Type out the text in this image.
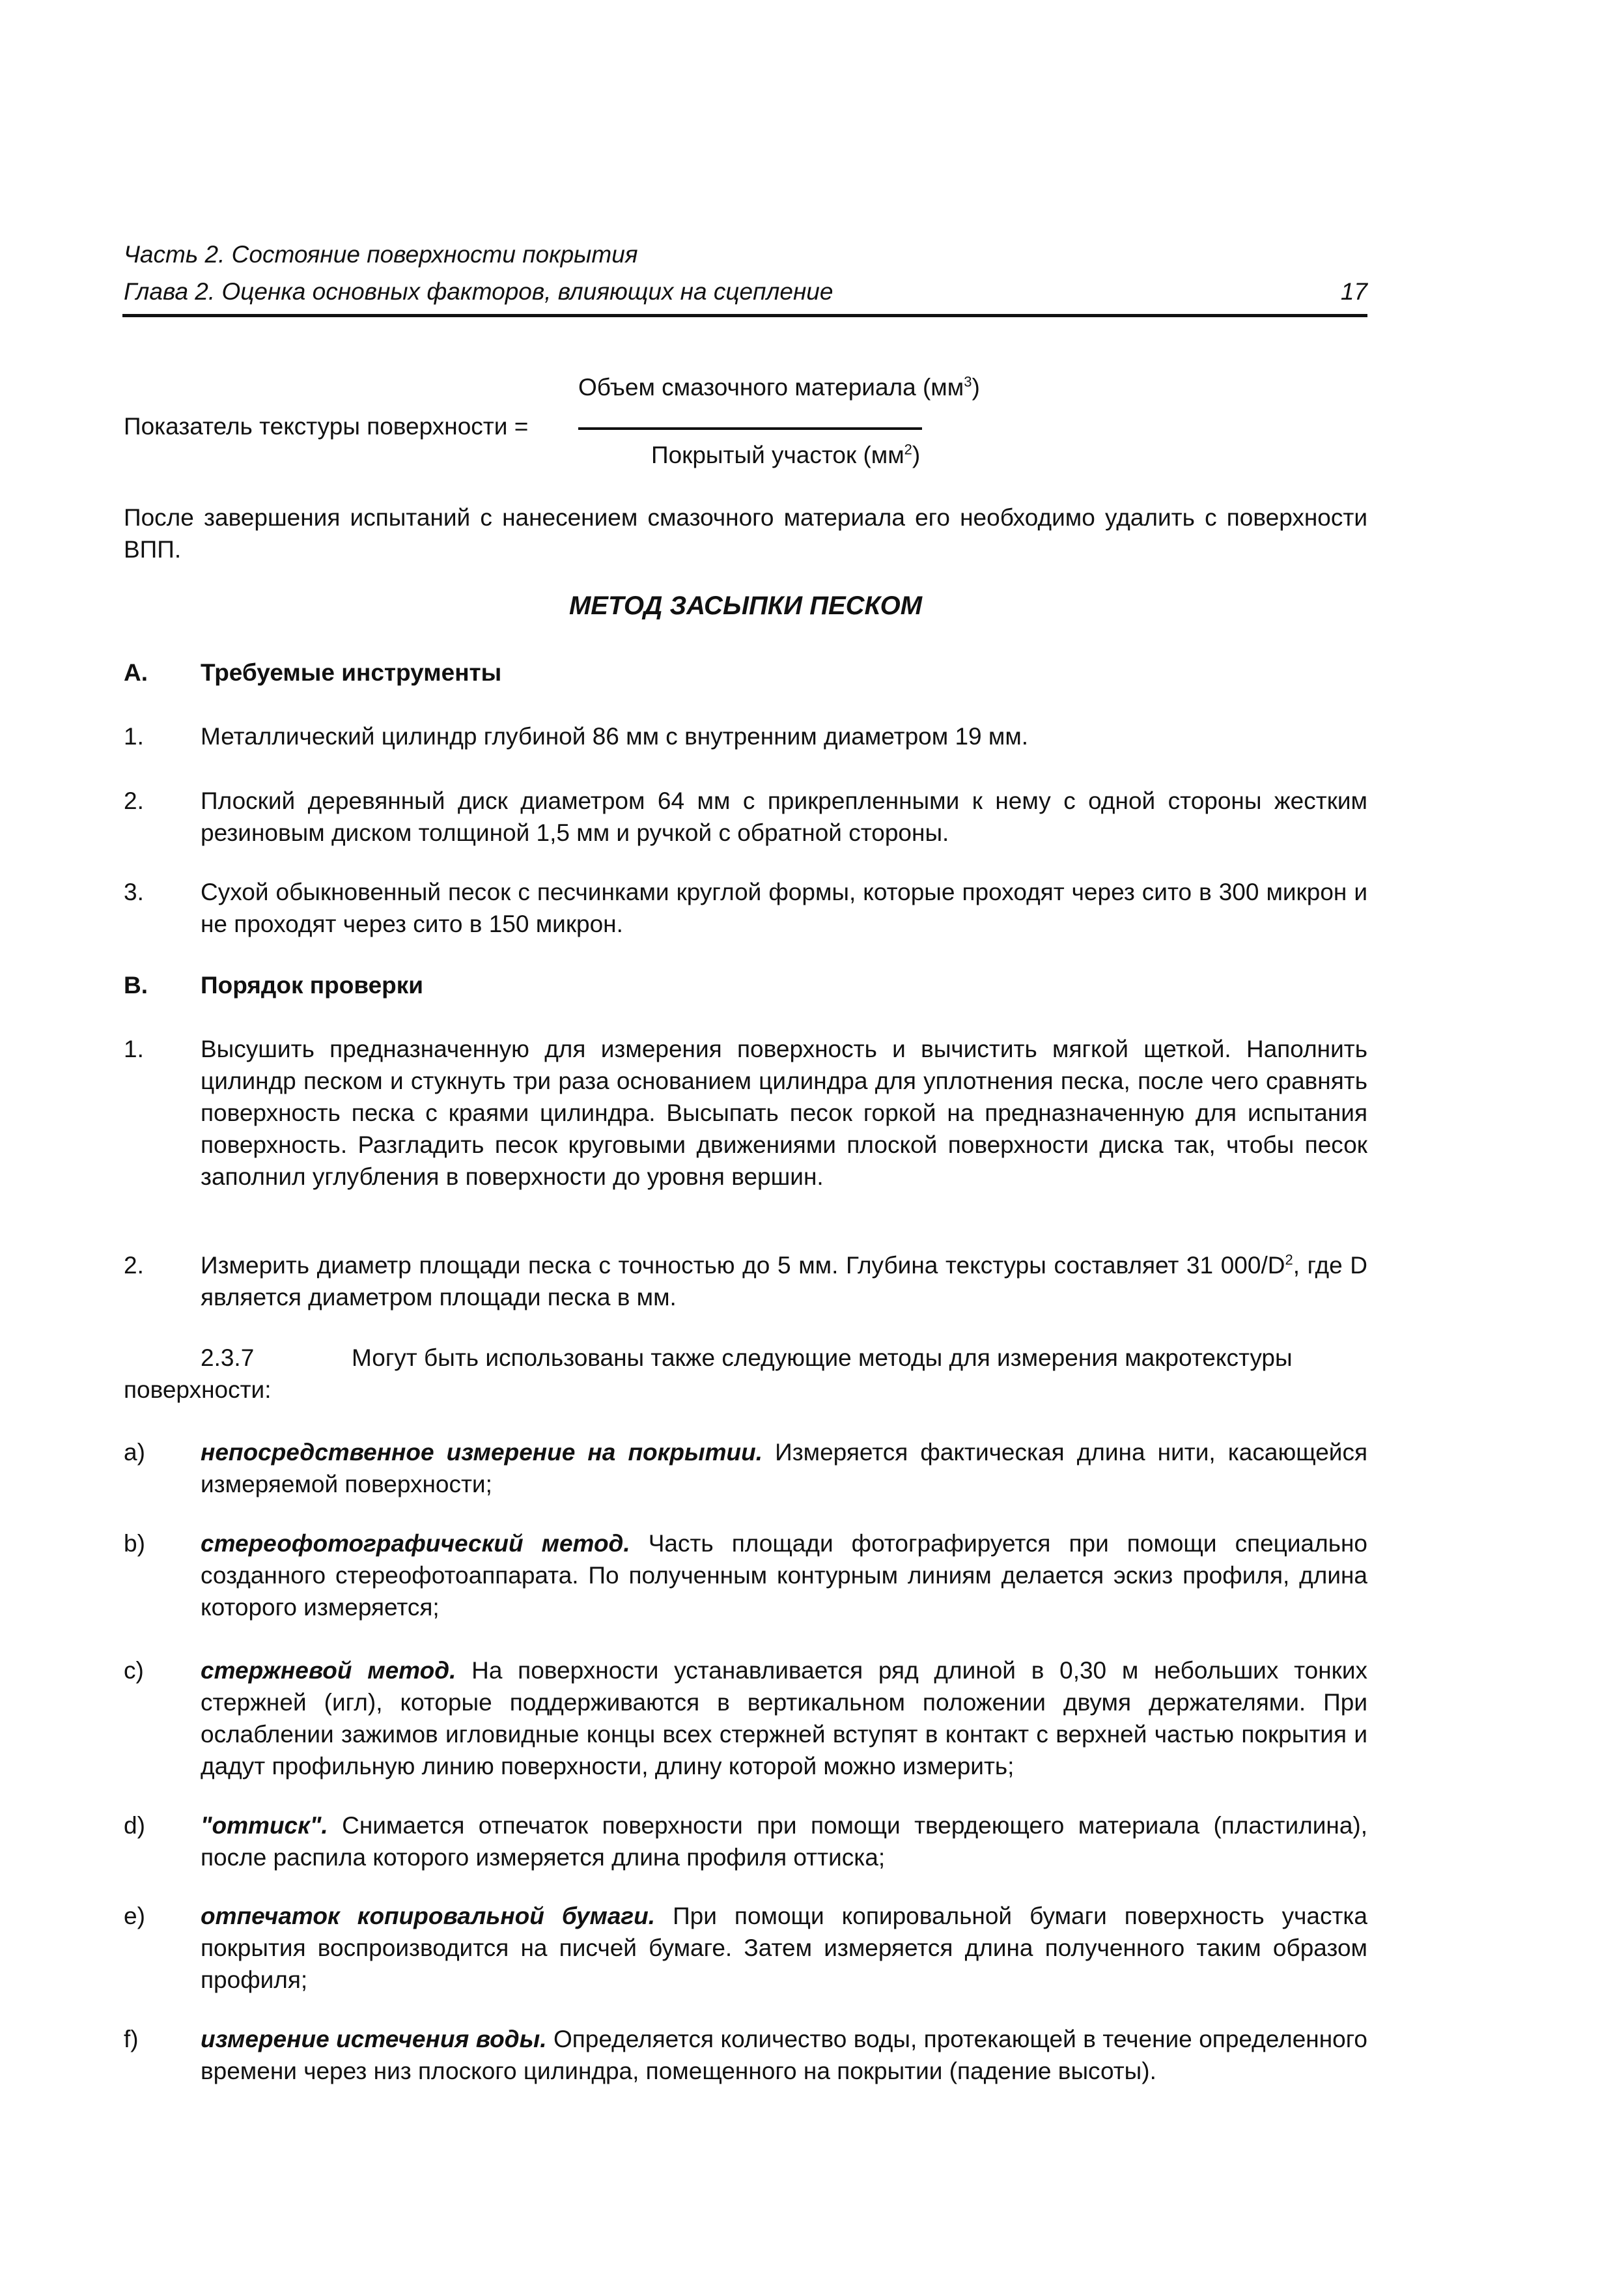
Часть 2. Состояние поверхности покрытия
Глава 2. Оценка основных факторов, влияющих на сцепление	17
Объем смазочного материала $(мм^3)$
Показатель текстуры поверхности =
Покрытый участок $(мм^2)$
После завершения испытаний с нанесением смазочного материала его необходимо удалить с поверхности ВПП.
МЕТОД ЗАСЫПКИ ПЕСКОМ
A. Требуемые инструменты
1. Металлический цилиндр глубиной 86 мм с внутренним диаметром 19 мм.
2. Плоский деревянный диск диаметром 64 мм с прикрепленными к нему с одной стороны жестким резиновым диском толщиной 1,5 мм и ручкой с обратной стороны.
3. Сухой обыкновенный песок с песчинками круглой формы, которые проходят через сито в 300 микрон и не проходят через сито в 150 микрон.
B. Порядок проверки
1. Высушить предназначенную для измерения поверхность и вычистить мягкой щеткой. Наполнить цилиндр песком и стукнуть три раза основанием цилиндра для уплотнения песка, после чего сравнять поверхность песка с краями цилиндра. Высыпать песок горкой на предназначенную для испытания поверхность. Разгладить песок круговыми движениями плоской поверхности диска так, чтобы песок заполнил углубления в поверхности до уровня вершин.
2. Измерить диаметр площади песка с точностью до 5 мм. Глубина текстуры составляет 31 $000/D^2$, где D является диаметром площади песка в мм.
2.3.7	Могут быть использованы также следующие методы для измерения макротекстуры
поверхности:
a) непосредственное измерение на покрытии. Измеряется фактическая длина нити, касающейся измеряемой поверхности;
b) стереофотографический метод. Часть площади фотографируется при помощи специально созданного стереофотоаппарата. По полученным контурным линиям делается эскиз профиля, длина которого измеряется;
c) стержневой метод. На поверхности устанавливается ряд длиной в 0,30 м небольших тонких стержней (игл), которые поддерживаются в вертикальном положении двумя держателями. При ослаблении зажимов игловидные концы всех стержней вступят в контакт с верхней частью покрытия и дадут профильную линию поверхности, длину которой можно измерить;
d) "оттиск". Снимается отпечаток поверхности при помощи твердеющего материала (пластилина), после распила которого измеряется длина профиля оттиска;
e) отпечаток копировальной бумаги. При помощи копировальной бумаги поверхность участка покрытия воспроизводится на писчей бумаге. Затем измеряется длина полученного таким образом профиля;
f)	измерение истечения воды. Определяется количество воды, протекающей в течение определенного времени через низ плоского цилиндра, помещенного на покрытии (падение высоты).
